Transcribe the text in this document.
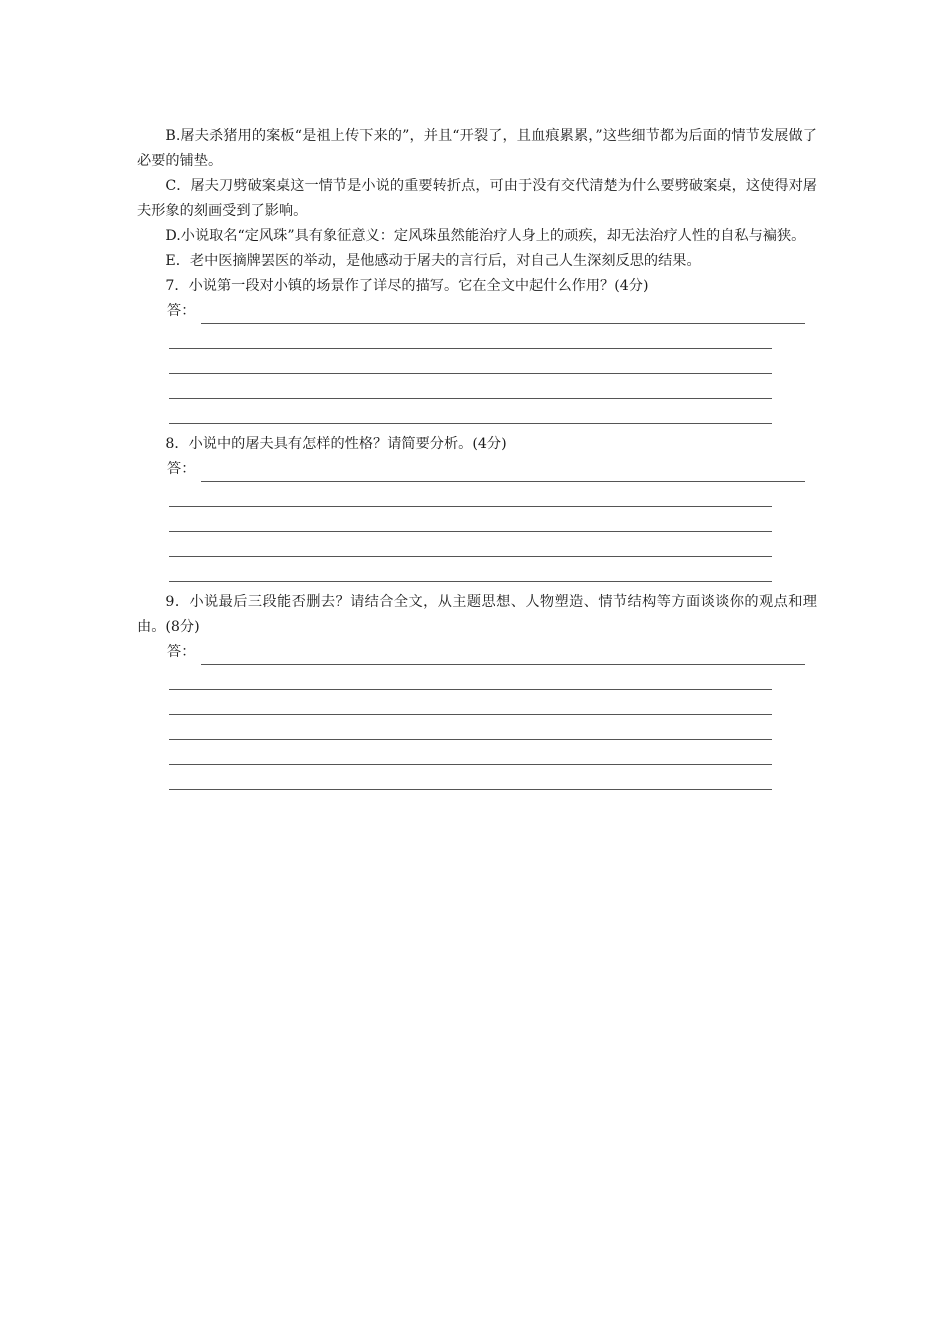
B.屠夫杀猪用的案板“是祖上传下来的”，并且“开裂了，且血痕累累，”这些细节都为后面的情节发展做了必要的铺垫。

C．屠夫刀劈破案桌这一情节是小说的重要转折点，可由于没有交代清楚为什么要劈破案桌，这使得对屠夫形象的刻画受到了影响。

D.小说取名“定风珠”具有象征意义：定风珠虽然能治疗人身上的顽疾，却无法治疗人性的自私与褊狭。

E．老中医摘牌罢医的举动，是他感动于屠夫的言行后，对自己人生深刻反思的结果。

7．小说第一段对小镇的场景作了详尽的描写。它在全文中起什么作用？(4分)

答：

8．小说中的屠夫具有怎样的性格？请简要分析。(4分)

答：

9．小说最后三段能否删去？请结合全文，从主题思想、人物塑造、情节结构等方面谈谈你的观点和理由。(8分)

答：
